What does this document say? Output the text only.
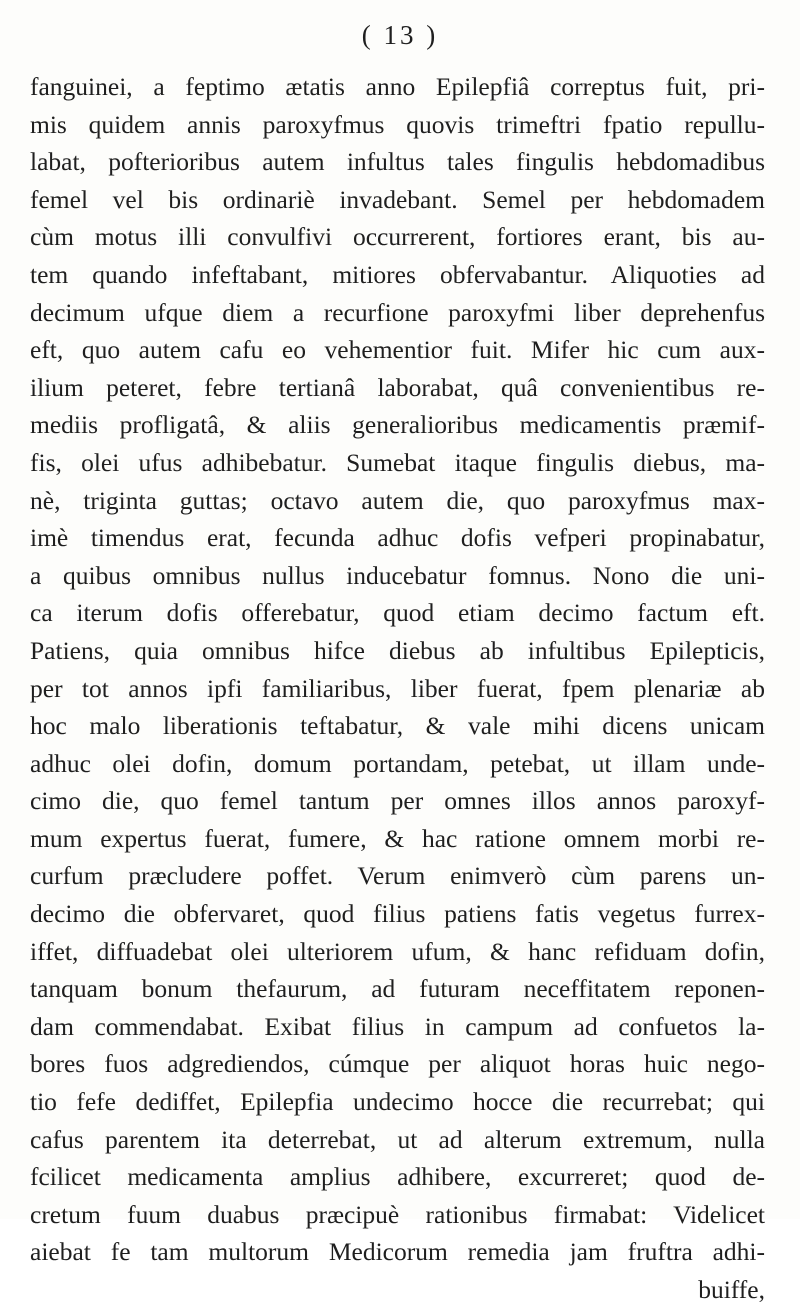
( 13 )
fanguinei, a feptimo ætatis anno Epilepfiâ correptus fuit, pri-
mis quidem annis paroxyfmus quovis trimeftri fpatio repullu-
labat, pofterioribus autem infultus tales fingulis hebdomadibus
femel vel bis ordinariè invadebant. Semel per hebdomadem
cùm motus illi convulfivi occurrerent, fortiores erant, bis au-
tem quando infeftabant, mitiores obfervabantur. Aliquoties ad
decimum ufque diem a recurfione paroxyfmi liber deprehenfus
eft, quo autem cafu eo vehementior fuit. Mifer hic cum aux-
ilium peteret, febre tertianâ laborabat, quâ convenientibus re-
mediis profligatâ, & aliis generalioribus medicamentis præmif-
fis, olei ufus adhibebatur. Sumebat itaque fingulis diebus, ma-
nè, triginta guttas; octavo autem die, quo paroxyfmus max-
imè timendus erat, fecunda adhuc dofis vefperi propinabatur,
a quibus omnibus nullus inducebatur fomnus. Nono die uni-
ca iterum dofis offerebatur, quod etiam decimo factum eft.
Patiens, quia omnibus hifce diebus ab infultibus Epilepticis,
per tot annos ipfi familiaribus, liber fuerat, fpem plenariæ ab
hoc malo liberationis teftabatur, & vale mihi dicens unicam
adhuc olei dofin, domum portandam, petebat, ut illam unde-
cimo die, quo femel tantum per omnes illos annos paroxyf-
mum expertus fuerat, fumere, & hac ratione omnem morbi re-
curfum præcludere poffet. Verum enimverò cùm parens un-
decimo die obfervaret, quod filius patiens fatis vegetus furrex-
iffet, diffuadebat olei ulteriorem ufum, & hanc refiduam dofin,
tanquam bonum thefaurum, ad futuram neceffitatem reponen-
dam commendabat. Exibat filius in campum ad confuetos la-
bores fuos adgrediendos, cúmque per aliquot horas huic nego-
tio fefe dediffet, Epilepfia undecimo hocce die recurrebat; qui
cafus parentem ita deterrebat, ut ad alterum extremum, nulla
fcilicet medicamenta amplius adhibere, excurreret; quod de-
cretum fuum duabus præcipuè rationibus firmabat: Videlicet
aiebat fe tam multorum Medicorum remedia jam fruftra adhi-
buiffe,
